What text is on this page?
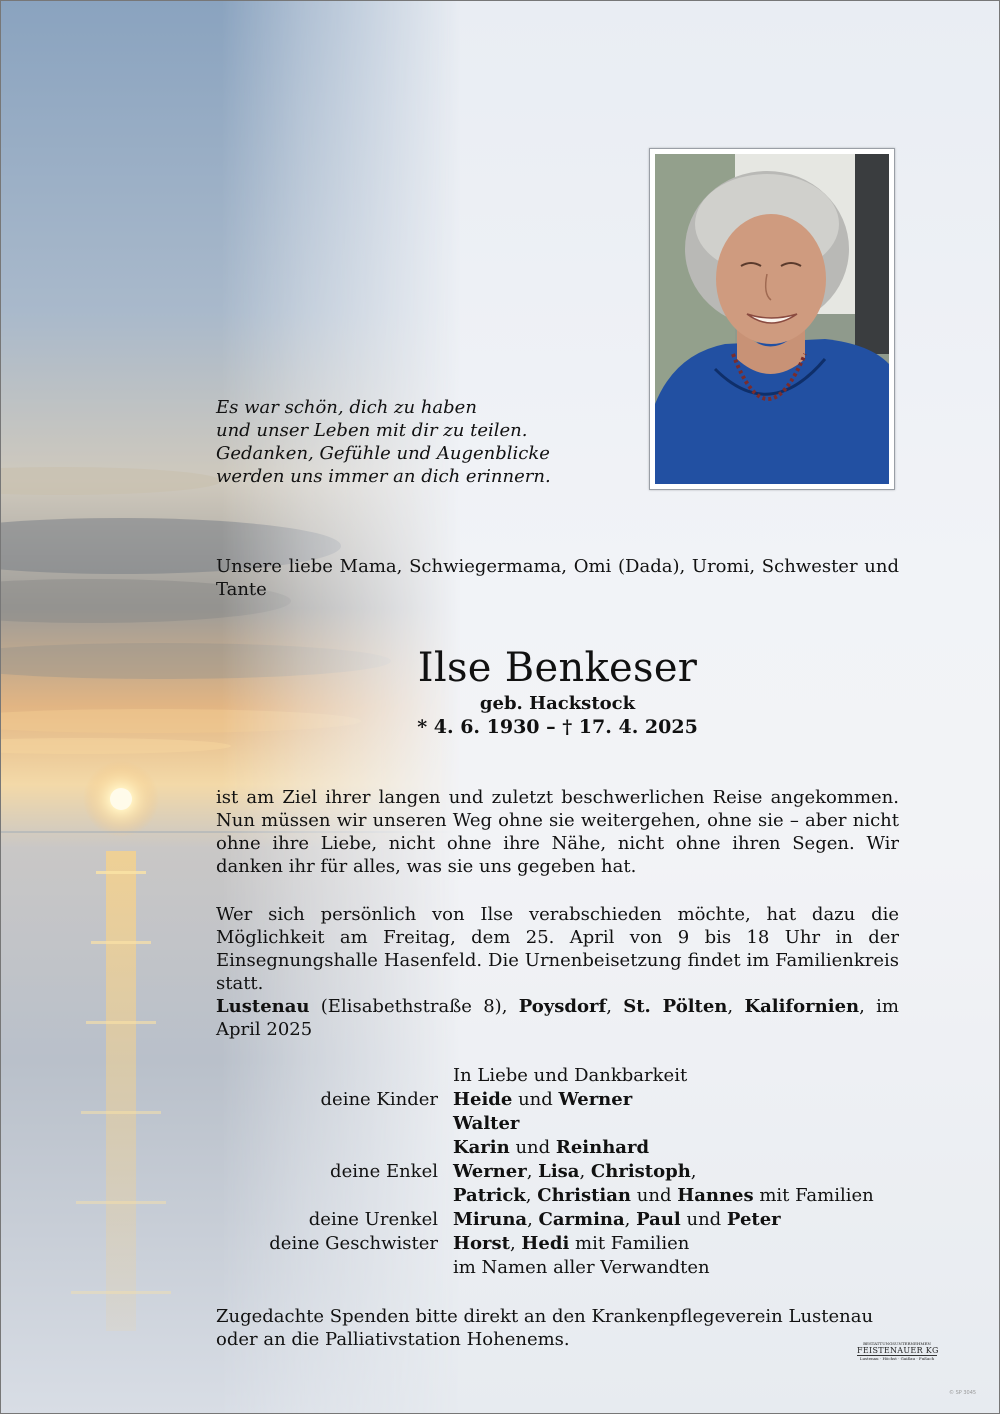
Es war schön, dich zu haben
und unser Leben mit dir zu teilen.
Gedanken, Gefühle und Augenblicke
werden uns immer an dich erinnern.
Unsere liebe Mama, Schwiegermama, Omi (Dada), Uromi, Schwester und Tante
Ilse Benkeser
geb. Hackstock
* 4. 6. 1930 – † 17. 4. 2025
ist am Ziel ihrer langen und zuletzt beschwerlichen Reise angekommen. Nun müssen wir unseren Weg ohne sie weitergehen, ohne sie – aber nicht ohne ihre Liebe, nicht ohne ihre Nähe, nicht ohne ihren Segen. Wir danken ihr für alles, was sie uns gegeben hat.
Wer sich persönlich von Ilse verabschieden möchte, hat dazu die Möglichkeit am Freitag, dem 25. April von 9 bis 18 Uhr in der Einsegnungshalle Hasenfeld. Die Urnenbeisetzung findet im Familienkreis statt.
Lustenau (Elisabethstraße 8), Poysdorf, St. Pölten, Kalifornien, im April 2025
In Liebe und Dankbarkeit
deine Kinder Heide und Werner
Walter
Karin und Reinhard
deine Enkel Werner, Lisa, Christoph,
Patrick, Christian und Hannes mit Familien
deine Urenkel Miruna, Carmina, Paul und Peter
deine Geschwister Horst, Hedi mit Familien
im Namen aller Verwandten
Zugedachte Spenden bitte direkt an den Krankenpflegeverein Lustenau oder an die Palliativstation Hohenems.	BESTATTUNGSUNTERNEHMEN
FEISTENAUER KG
Lustenau · Höchst · Gaißau · Fußach
© SP 3045
